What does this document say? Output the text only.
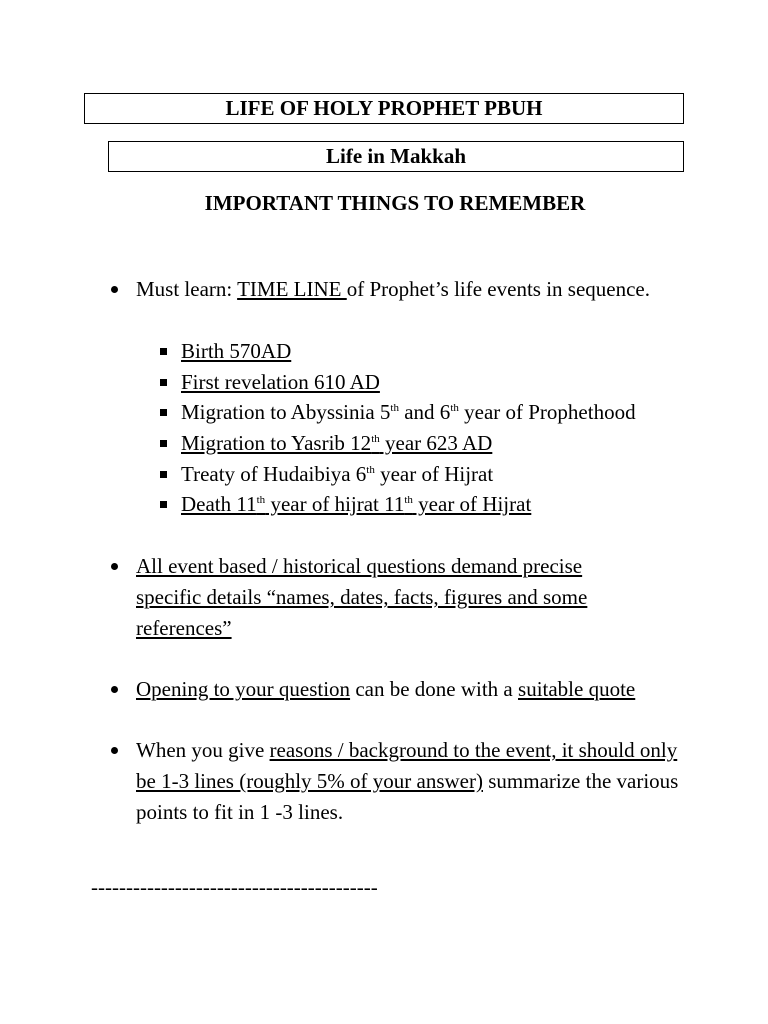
LIFE OF HOLY PROPHET PBUH
Life in Makkah
IMPORTANT THINGS TO REMEMBER
Must learn: TIME LINE of Prophet’s life events in sequence.
Birth 570AD
First revelation 610 AD
Migration to Abyssinia 5th and 6th year of Prophethood
Migration to Yasrib 12th year 623 AD
Treaty of Hudaibiya 6th year of Hijrat
Death 11th year of hijrat 11th year of Hijrat
All event based / historical questions demand precise specific details “names, dates, facts, figures and some references”
Opening to your question can be done with a suitable quote
When you give reasons / background to the event, it should only be 1-3 lines (roughly 5% of your answer) summarize the various points to fit in 1 -3 lines.
-----------------------------------------
